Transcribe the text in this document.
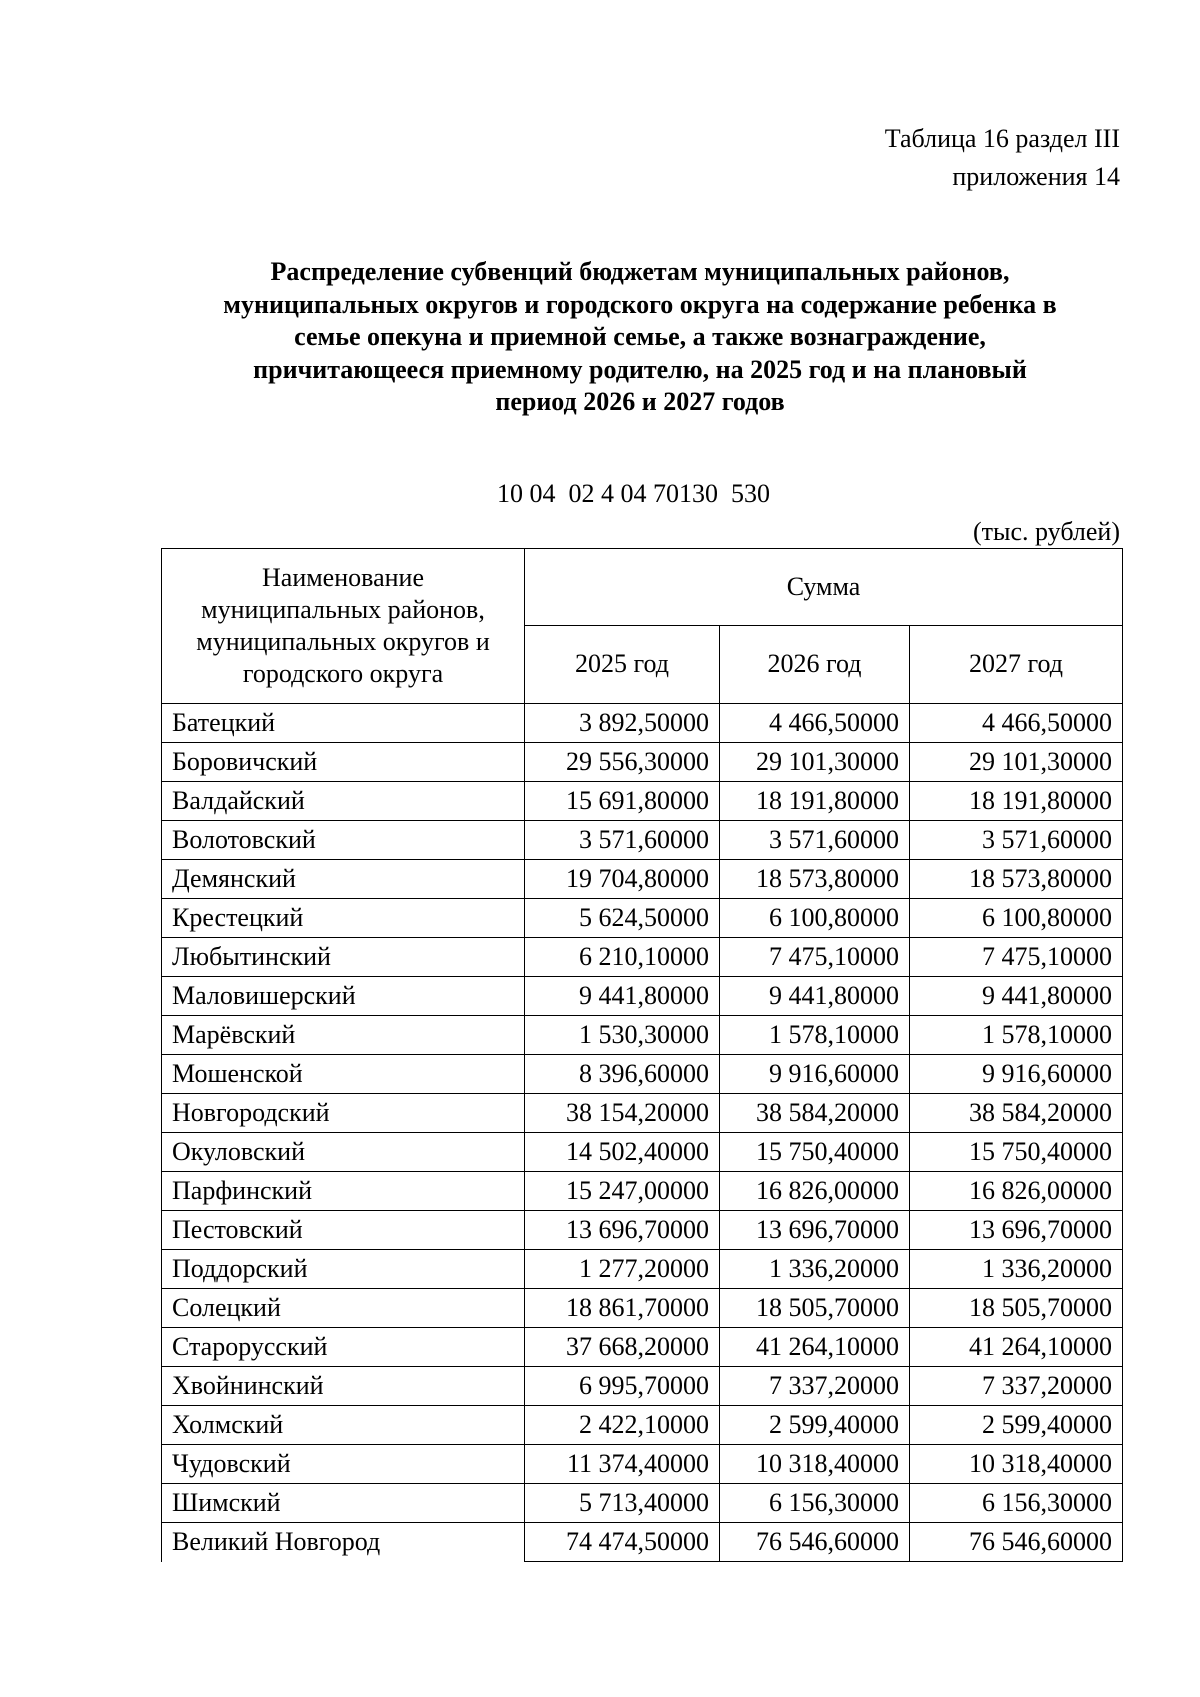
Таблица 16 раздел III
приложения 14
Распределение субвенций бюджетам муниципальных районов,
муниципальных округов и городского округа на содержание ребенка в
семье опекуна и приемной семье, а также вознаграждение,
причитающееся приемному родителю, на 2025 год и на плановый
период 2026 и 2027 годов
10 04  02 4 04 70130  530
(тыс. рублей)
Наименование
муниципальных районов,
муниципальных округов и
городского округа	Сумма		
	2025 год	2026 год	2027 год
Батецкий	3 892,50000	4 466,50000	4 466,50000
Боровичский	29 556,30000	29 101,30000	29 101,30000
Валдайский	15 691,80000	18 191,80000	18 191,80000
Волотовский	3 571,60000	3 571,60000	3 571,60000
Демянский	19 704,80000	18 573,80000	18 573,80000
Крестецкий	5 624,50000	6 100,80000	6 100,80000
Любытинский	6 210,10000	7 475,10000	7 475,10000
Маловишерский	9 441,80000	9 441,80000	9 441,80000
Марёвский	1 530,30000	1 578,10000	1 578,10000
Мошенской	8 396,60000	9 916,60000	9 916,60000
Новгородский	38 154,20000	38 584,20000	38 584,20000
Окуловский	14 502,40000	15 750,40000	15 750,40000
Парфинский	15 247,00000	16 826,00000	16 826,00000
Пестовский	13 696,70000	13 696,70000	13 696,70000
Поддорский	1 277,20000	1 336,20000	1 336,20000
Солецкий	18 861,70000	18 505,70000	18 505,70000
Старорусский	37 668,20000	41 264,10000	41 264,10000
Хвойнинский	6 995,70000	7 337,20000	7 337,20000
Холмский	2 422,10000	2 599,40000	2 599,40000
Чудовский	11 374,40000	10 318,40000	10 318,40000
Шимский	5 713,40000	6 156,30000	6 156,30000
Великий Новгород	74 474,50000	76 546,60000	76 546,60000
